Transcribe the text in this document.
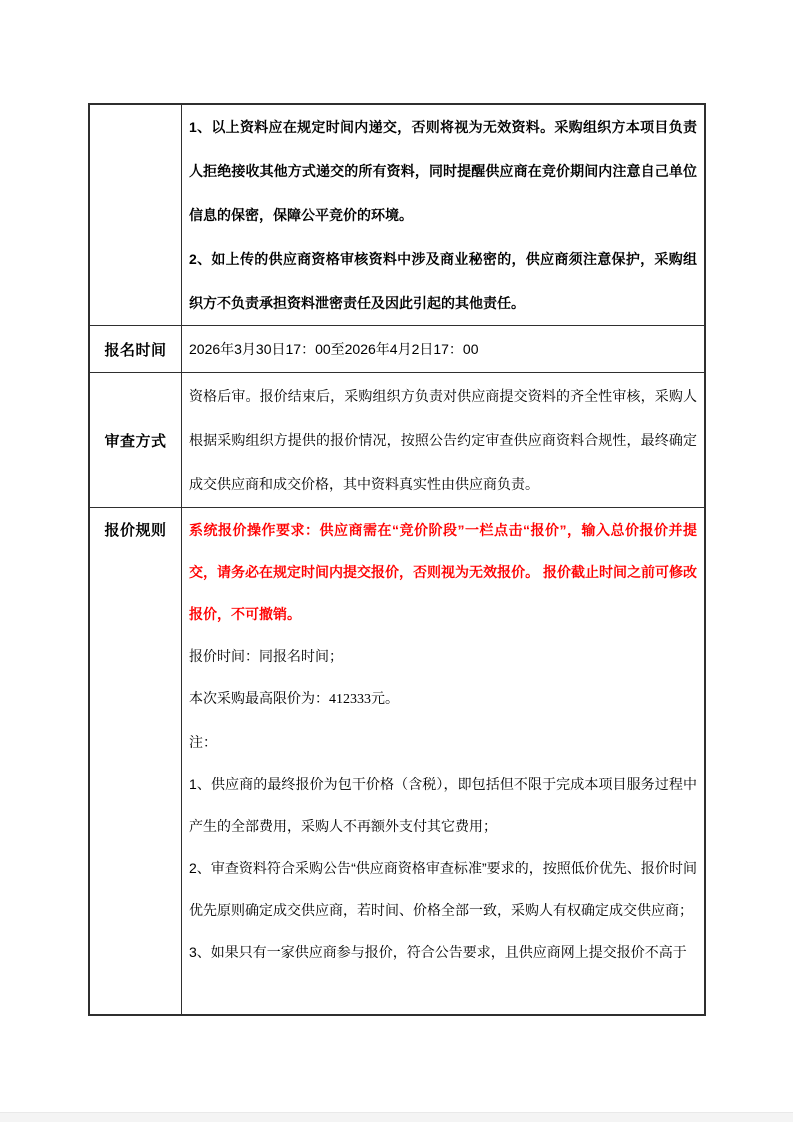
1、以上资料应在规定时间内递交，否则将视为无效资料。采购组织方本项目负责人拒绝接收其他方式递交的所有资料，同时提醒供应商在竞价期间内注意自己单位信息的保密，保障公平竞价的环境。

2、如上传的供应商资格审核资料中涉及商业秘密的，供应商须注意保护，采购组织方不负责承担资料泄密责任及因此引起的其他责任。

报名时间	2026年3月30日17：00至2026年4月2日17：00

审查方式

资格后审。报价结束后，采购组织方负责对供应商提交资料的齐全性审核，采购人根据采购组织方提供的报价情况，按照公告约定审查供应商资料合规性，最终确定成交供应商和成交价格，其中资料真实性由供应商负责。

报价规则	系统报价操作要求：供应商需在“竞价阶段”一栏点击“报价”，输入总价报价并提交，请务必在规定时间内提交报价，否则视为无效报价。 报价截止时间之前可修改报价，不可撤销。

报价时间：同报名时间；

本次采购最高限价为：412333元。

注：

1、供应商的最终报价为包干价格（含税），即包括但不限于完成本项目服务过程中产生的全部费用，采购人不再额外支付其它费用；

2、审查资料符合采购公告“供应商资格审查标准”要求的，按照低价优先、报价时间优先原则确定成交供应商，若时间、价格全部一致，采购人有权确定成交供应商；

3、如果只有一家供应商参与报价，符合公告要求，且供应商网上提交报价不高于
